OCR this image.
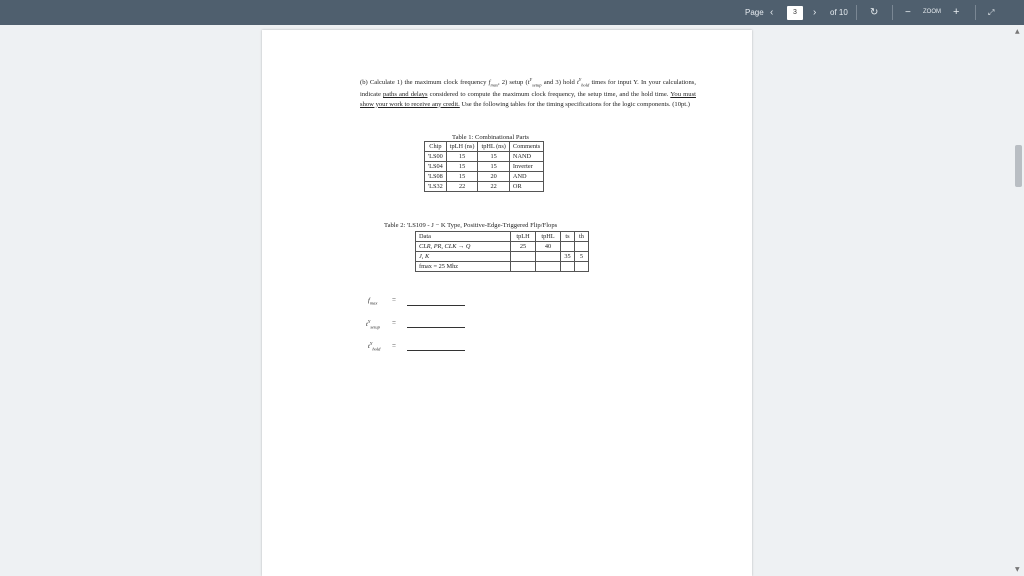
Page ‹	3	› of 10 ↻	− ZOOM +	⤢
▲
▼
(b) Calculate 1) the maximum clock frequency $f_{max}$, 2) setup ($t^Y_{setup}$ and 3) hold $t^Y_{hold}$ times for input Y. In your calculations, indicate paths and delays considered to compute the maximum clock frequency, the setup time, and the hold time. You must show your work to receive any credit. Use the following tables for the timing specifications for the logic components. (10pt.)
Table 1: Combinational Parts
Chip	tpLH (ns)	tpHL (ns)	Comments
'LS00	15	15	NAND
'LS04	15	15	Inverter
'LS08	15	20	AND
'LS32	22	22	OR
Table 2: 'LS109 - J − K Type, Positive-Edge-Triggered Flip/Flops
Data	tpLH	tpHL	ts	th
CLR, PR, CLK → Q	25	40		
J, K			35	5
fmax = 25 Mhz				
$f_{max}$ =
$t^Y_{setup}$ =
$t^Y_{hold}$ =
